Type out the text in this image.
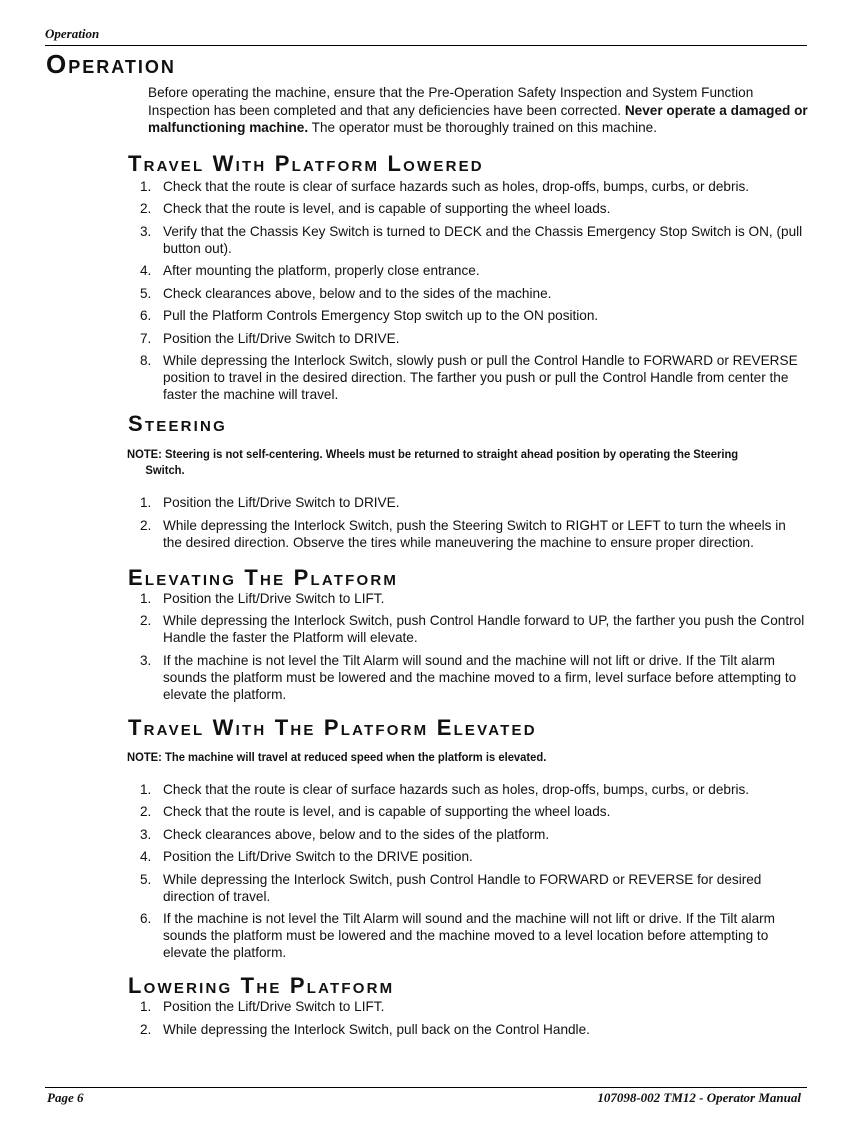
Operation
Operation

Before operating the machine, ensure that the Pre-Operation Safety Inspection and System Function Inspection has been completed and that any deficiencies have been corrected. Never operate a damaged or malfunctioning machine. The operator must be thoroughly trained on this machine.

Travel With Platform Lowered
1. Check that the route is clear of surface hazards such as holes, drop-offs, bumps, curbs, or debris.
2. Check that the route is level, and is capable of supporting the wheel loads.
3. Verify that the Chassis Key Switch is turned to DECK and the Chassis Emergency Stop Switch is ON, (pull button out).
4. After mounting the platform, properly close entrance.
5. Check clearances above, below and to the sides of the machine.
6. Pull the Platform Controls Emergency Stop switch up to the ON position.
7. Position the Lift/Drive Switch to DRIVE.
8. While depressing the Interlock Switch, slowly push or pull the Control Handle to FORWARD or REVERSE position to travel in the desired direction. The farther you push or pull the Control Handle from center the faster the machine will travel.
Steering
NOTE: Steering is not self-centering. Wheels must be returned to straight ahead position by operating the Steering
Switch.
1. Position the Lift/Drive Switch to DRIVE.
2. While depressing the Interlock Switch, push the Steering Switch to RIGHT or LEFT to turn the wheels in the desired direction. Observe the tires while maneuvering the machine to ensure proper direction.
Elevating The Platform
1. Position the Lift/Drive Switch to LIFT.
2. While depressing the Interlock Switch, push Control Handle forward to UP, the farther you push the Control Handle the faster the Platform will elevate.
3. If the machine is not level the Tilt Alarm will sound and the machine will not lift or drive. If the Tilt alarm sounds the platform must be lowered and the machine moved to a firm, level surface before attempting to elevate the platform.
Travel With The Platform Elevated
NOTE: The machine will travel at reduced speed when the platform is elevated.
1. Check that the route is clear of surface hazards such as holes, drop-offs, bumps, curbs, or debris.
2. Check that the route is level, and is capable of supporting the wheel loads.
3. Check clearances above, below and to the sides of the platform.
4. Position the Lift/Drive Switch to the DRIVE position.
5. While depressing the Interlock Switch, push Control Handle to FORWARD or REVERSE for desired direction of travel.
6. If the machine is not level the Tilt Alarm will sound and the machine will not lift or drive. If the Tilt alarm sounds the platform must be lowered and the machine moved to a level location before attempting to elevate the platform.
Lowering The Platform
1. Position the Lift/Drive Switch to LIFT.
2. While depressing the Interlock Switch, pull back on the Control Handle.
Page 6	107098-002 TM12 - Operator Manual
